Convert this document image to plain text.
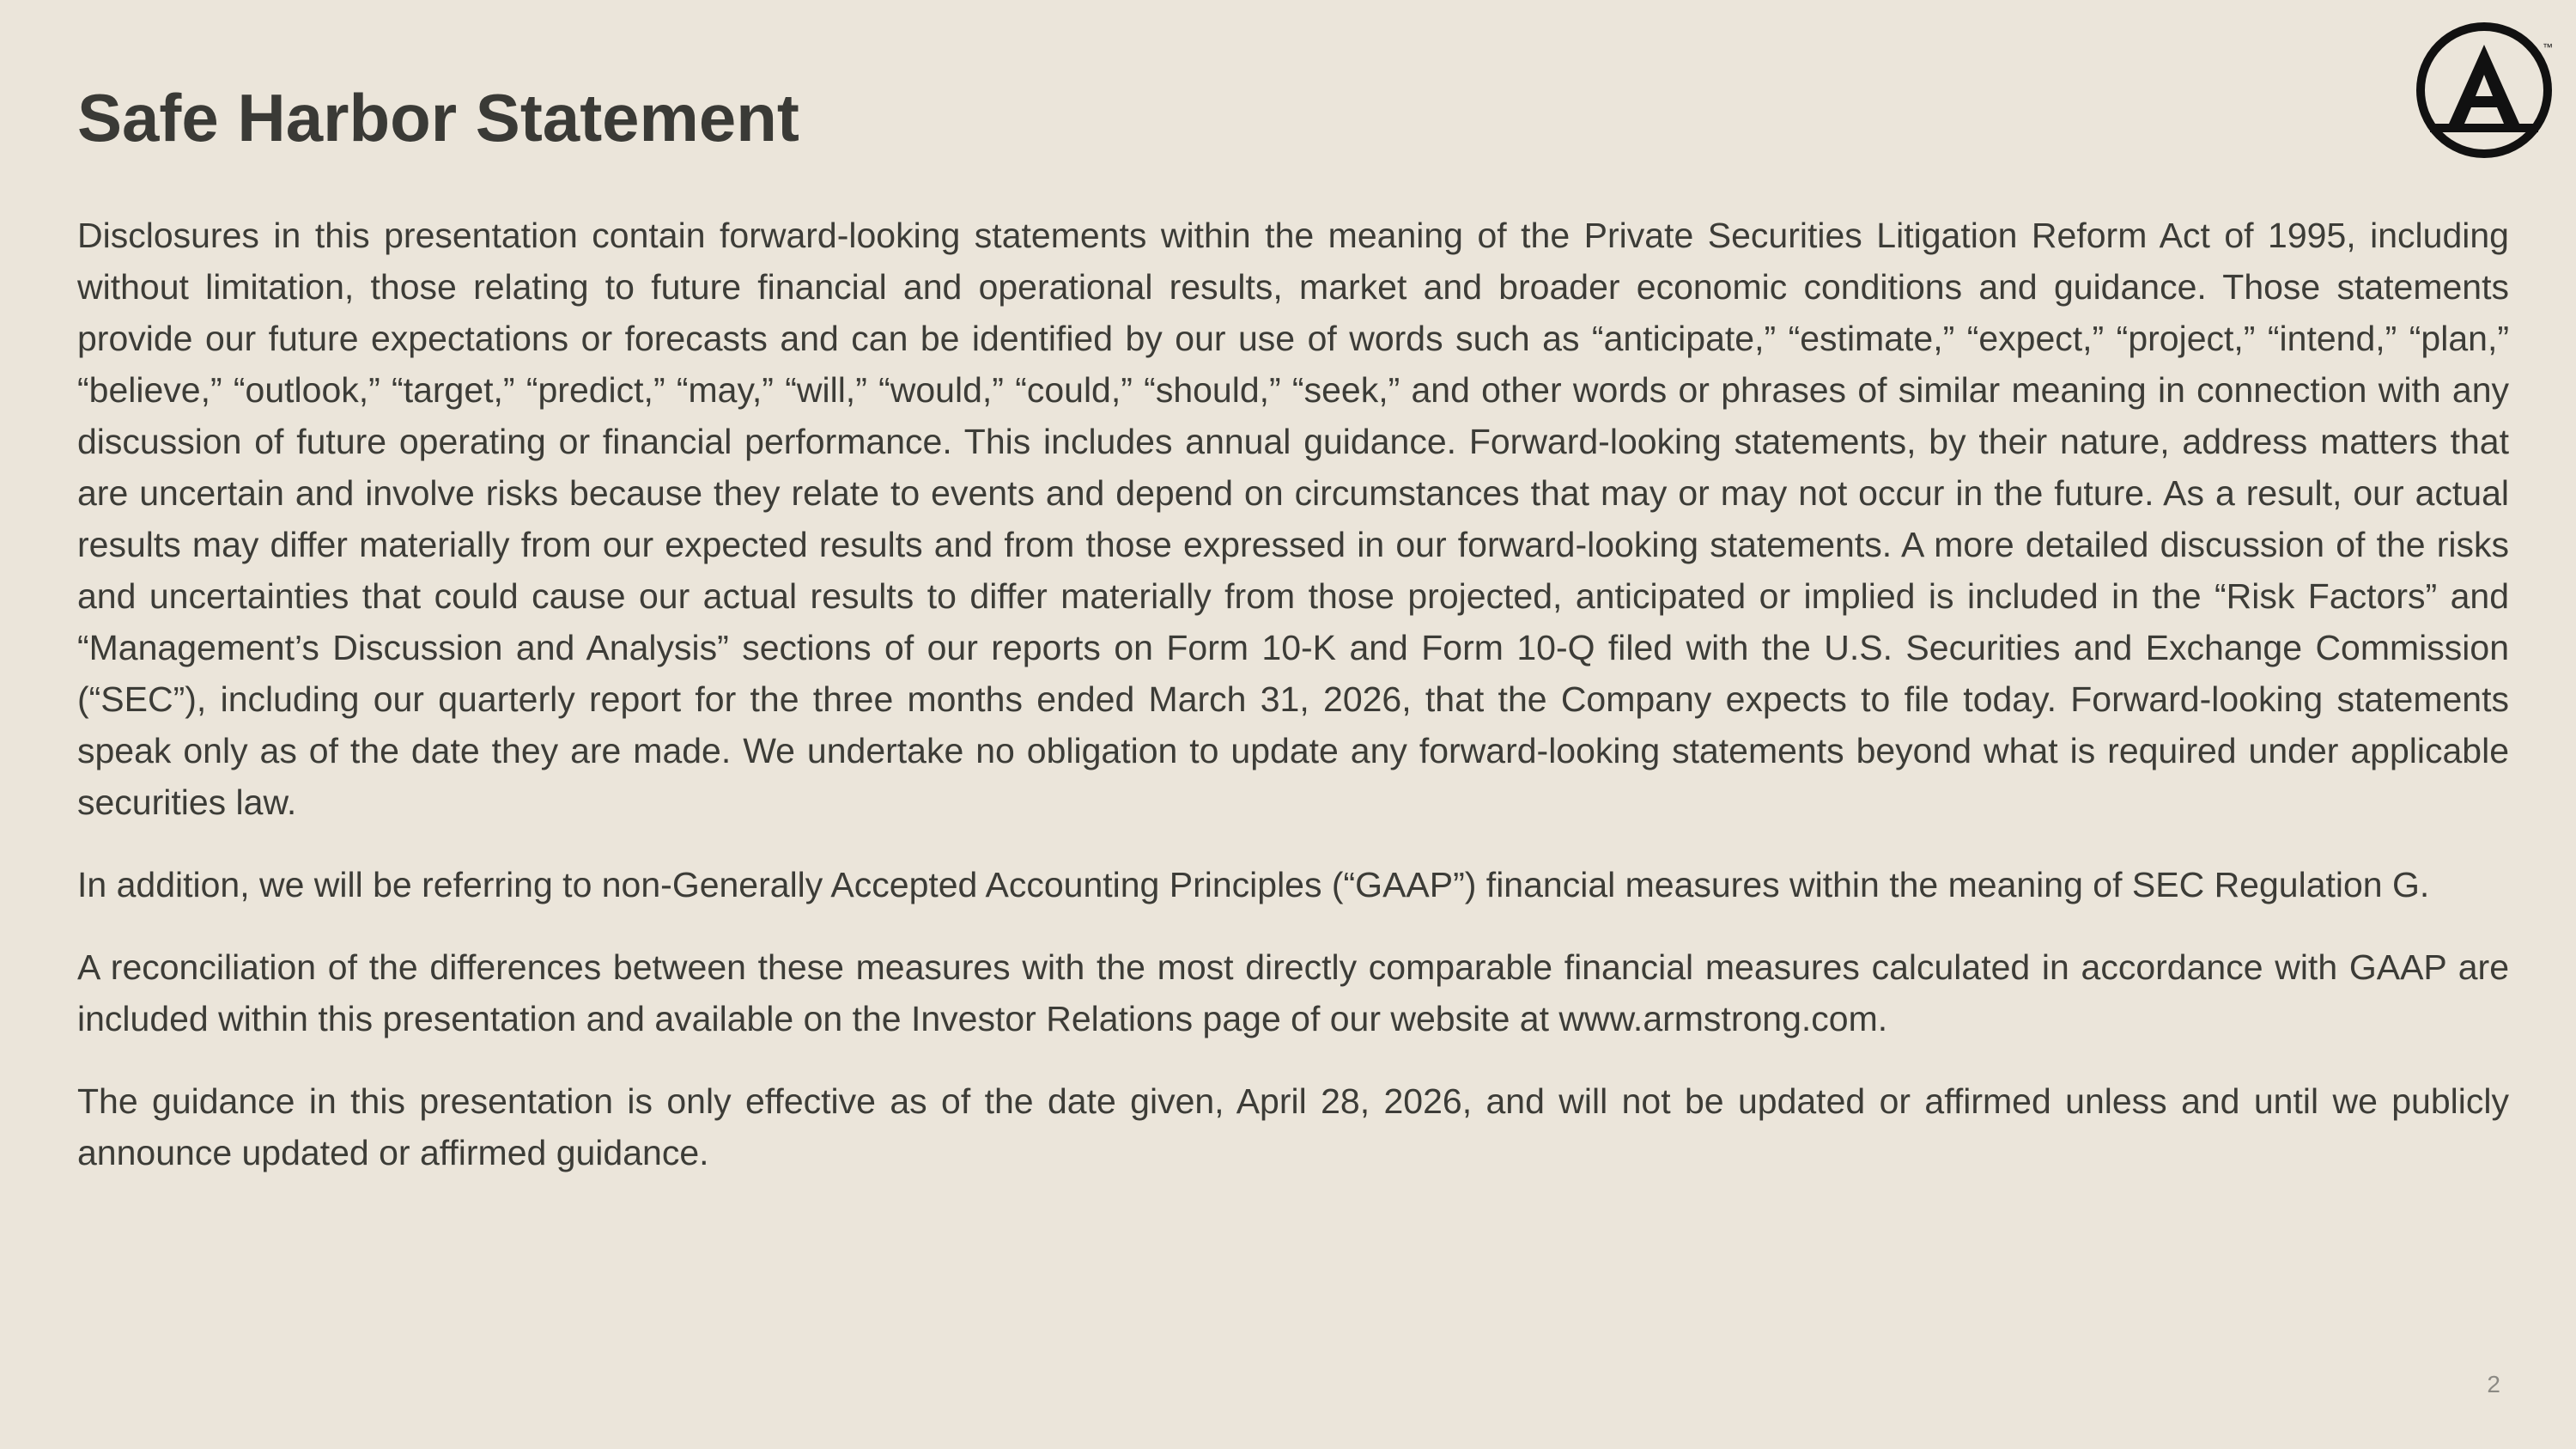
Safe Harbor Statement
™

Disclosures in this presentation contain forward-looking statements within the meaning of the Private Securities Litigation Reform Act of 1995, including without limitation, those relating to future financial and operational results, market and broader economic conditions and guidance. Those statements provide our future expectations or forecasts and can be identified by our use of words such as “anticipate,” “estimate,” “expect,” “project,” “intend,” “plan,” “believe,” “outlook,” “target,” “predict,” “may,” “will,” “would,” “could,” “should,” “seek,” and other words or phrases of similar meaning in connection with any discussion of future operating or financial performance. This includes annual guidance. Forward-looking statements, by their nature, address matters that are uncertain and involve risks because they relate to events and depend on circumstances that may or may not occur in the future. As a result, our actual results may differ materially from our expected results and from those expressed in our forward-looking statements. A more detailed discussion of the risks and uncertainties that could cause our actual results to differ materially from those projected, anticipated or implied is included in the “Risk Factors” and “Management’s Discussion and Analysis” sections of our reports on Form 10-K and Form 10-Q filed with the U.S. Securities and Exchange Commission (“SEC”), including our quarterly report for the three months ended March 31, 2026, that the Company expects to file today. Forward-looking statements speak only as of the date they are made. We undertake no obligation to update any forward-looking statements beyond what is required under applicable securities law.

In addition, we will be referring to non-Generally Accepted Accounting Principles (“GAAP”) financial measures within the meaning of SEC Regulation G.

A reconciliation of the differences between these measures with the most directly comparable financial measures calculated in accordance with GAAP are included within this presentation and available on the Investor Relations page of our website at www.armstrong.com.

The guidance in this presentation is only effective as of the date given, April 28, 2026, and will not be updated or affirmed unless and until we publicly announce updated or affirmed guidance.

2
